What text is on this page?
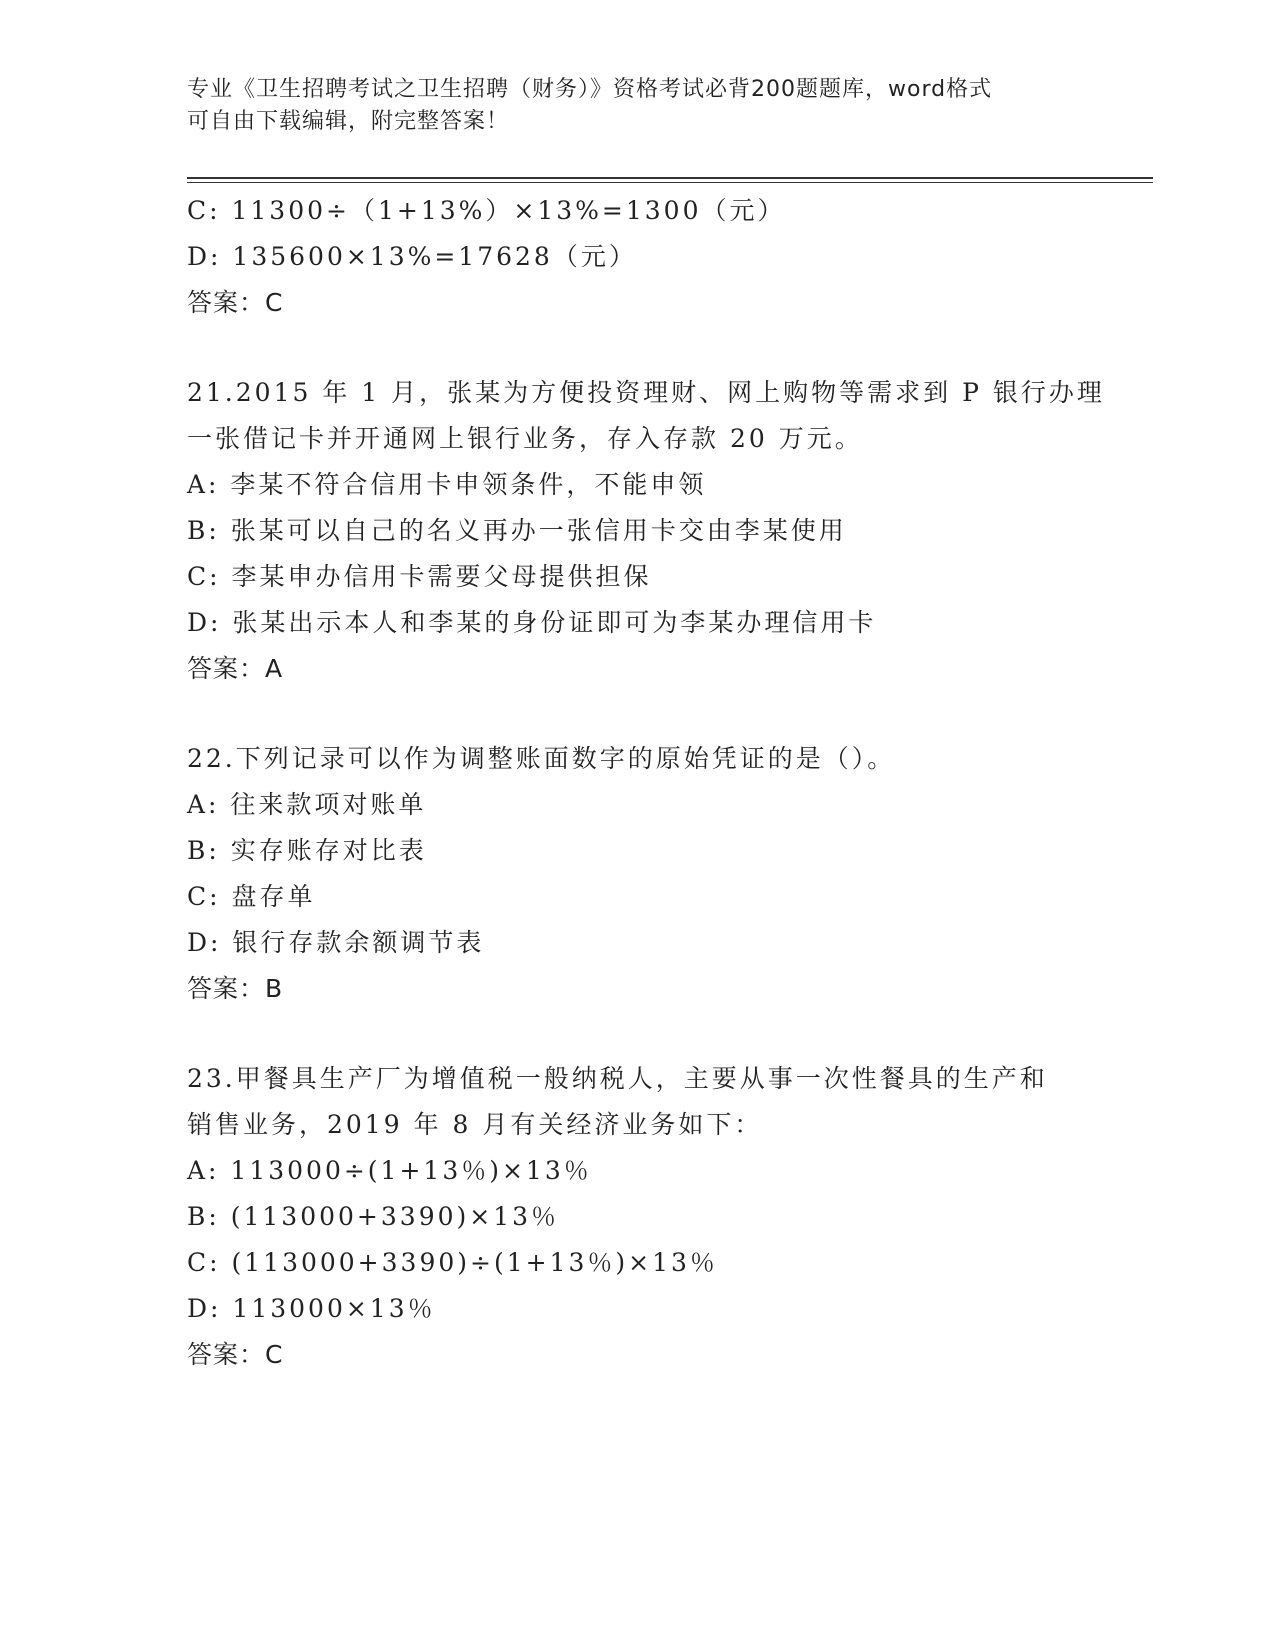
专业《卫生招聘考试之卫生招聘（财务）》资格考试必背200题题库，word格式
可自由下载编辑，附完整答案！
C: 11300÷（1+13%）×13%=1300（元）
D: 135600×13%=17628（元）
答案：C
21.2015 年 1 月，张某为方便投资理财、网上购物等需求到 P 银行办理
一张借记卡并开通网上银行业务，存入存款 20 万元。
A: 李某不符合信用卡申领条件，不能申领
B: 张某可以自己的名义再办一张信用卡交由李某使用
C: 李某申办信用卡需要父母提供担保
D: 张某出示本人和李某的身份证即可为李某办理信用卡
答案：A
22.下列记录可以作为调整账面数字的原始凭证的是（）。
A: 往来款项对账单
B: 实存账存对比表
C: 盘存单
D: 银行存款余额调节表
答案：B
23.甲餐具生产厂为增值税一般纳税人，主要从事一次性餐具的生产和
销售业务，2019 年 8 月有关经济业务如下：
A: 113000÷(1+13％)×13％
B: (113000+3390)×13％
C: (113000+3390)÷(1+13％)×13％
D: 113000×13％
答案：C
